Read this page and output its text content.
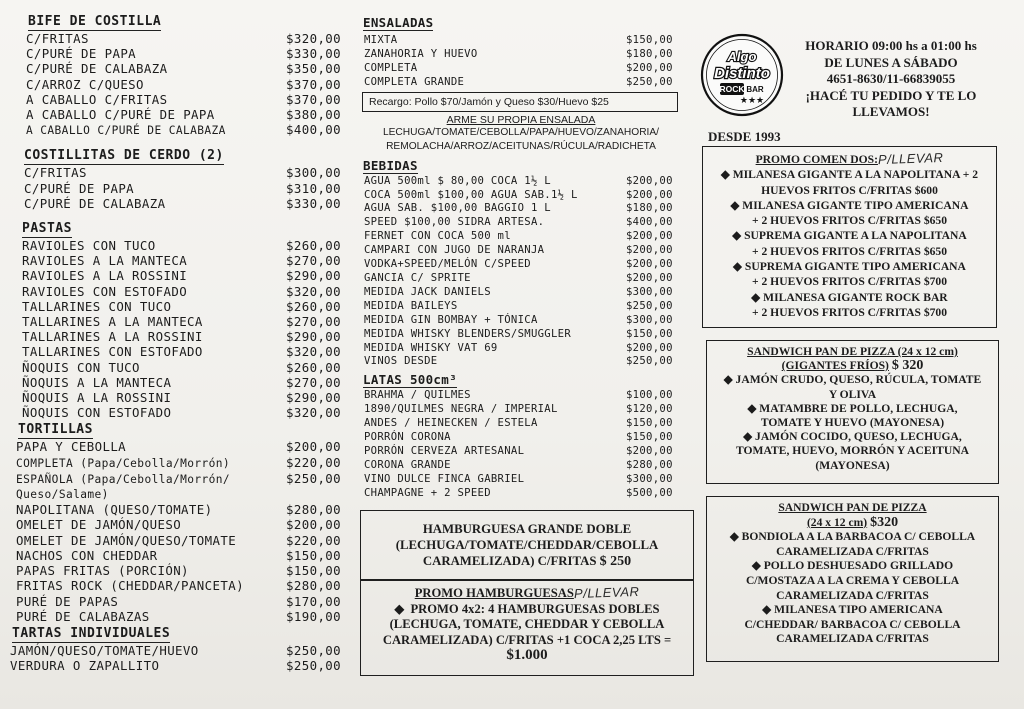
BIFE DE COSTILLA
C/FRITAS	$320,00
C/PURÉ DE PAPA	$330,00
C/PURÉ DE CALABAZA	$350,00
C/ARROZ C/QUESO	$370,00
A CABALLO C/FRITAS	$370,00
A CABALLO C/PURÉ DE PAPA	$380,00
A CABALLO C/PURÉ DE CALABAZA	$400,00
COSTILLITAS DE CERDO (2)
C/FRITAS	$300,00
C/PURÉ DE PAPA	$310,00
C/PURÉ DE CALABAZA	$330,00
PASTAS
RAVIOLES CON TUCO	$260,00
RAVIOLES A LA MANTECA	$270,00
RAVIOLES A LA ROSSINI	$290,00
RAVIOLES CON ESTOFADO	$320,00
TALLARINES CON TUCO	$260,00
TALLARINES A LA MANTECA	$270,00
TALLARINES A LA ROSSINI	$290,00
TALLARINES CON ESTOFADO	$320,00
ÑOQUIS CON TUCO	$260,00
ÑOQUIS A LA MANTECA	$270,00
ÑOQUIS A LA ROSSINI	$290,00
ÑOQUIS CON ESTOFADO	$320,00
TORTILLAS
PAPA Y CEBOLLA	$200,00
COMPLETA (Papa/Cebolla/Morrón)	$220,00
ESPAÑOLA (Papa/Cebolla/Morrón/	$250,00
Queso/Salame)
NAPOLITANA (QUESO/TOMATE)	$280,00
OMELET DE JAMÓN/QUESO	$200,00
OMELET DE JAMÓN/QUESO/TOMATE	$220,00
NACHOS CON CHEDDAR	$150,00
PAPAS FRITAS (PORCIÓN)	$150,00
FRITAS ROCK (CHEDDAR/PANCETA)	$280,00
PURÉ DE PAPAS	$170,00
PURÉ DE CALABAZAS	$190,00
TARTAS INDIVIDUALES
JAMÓN/QUESO/TOMATE/HUEVO	$250,00
VERDURA O ZAPALLITO	$250,00
ENSALADAS
MIXTA	$150,00
ZANAHORIA Y HUEVO	$180,00
COMPLETA	$200,00
COMPLETA GRANDE	$250,00
Recargo: Pollo $70/Jamón y Queso $30/Huevo $25
ARME SU PROPIA ENSALADA
LECHUGA/TOMATE/CEBOLLA/PAPA/HUEVO/ZANAHORIA/
REMOLACHA/ARROZ/ACEITUNAS/RÚCULA/RADICHETA
BEBIDAS
AGUA 500ml $ 80,00 COCA 1½ L	$200,00
COCA 500ml $100,00 AGUA SAB.1½ L	$200,00
AGUA SAB. $100,00 BAGGIO 1 L	$180,00
SPEED $100,00 SIDRA ARTESA.	$400,00
FERNET CON COCA 500 ml	$200,00
CAMPARI CON JUGO DE NARANJA	$200,00
VODKA+SPEED/MELÓN C/SPEED	$200,00
GANCIA C/ SPRITE	$200,00
MEDIDA JACK DANIELS	$300,00
MEDIDA BAILEYS	$250,00
MEDIDA GIN BOMBAY + TÓNICA	$300,00
MEDIDA WHISKY BLENDERS/SMUGGLER	$150,00
MEDIDA WHISKY VAT 69	$200,00
VINOS DESDE	$250,00
LATAS 500cm³
BRAHMA / QUILMES	$100,00
1890/QUILMES NEGRA / IMPERIAL	$120,00
ANDES / HEINECKEN / ESTELA	$150,00
PORRÓN CORONA	$150,00
PORRÓN CERVEZA ARTESANAL	$200,00
CORONA GRANDE	$280,00
VINO DULCE FINCA GABRIEL	$300,00
CHAMPAGNE + 2 SPEED	$500,00
HAMBURGUESA GRANDE DOBLE
(LECHUGA/TOMATE/CHEDDAR/CEBOLLA
CARAMELIZADA) C/FRITAS $ 250
PROMO HAMBURGUESASP/LLEVAR
◆ PROMO 4x2: 4 HAMBURGUESAS DOBLES
(LECHUGA, TOMATE, CHEDDAR Y CEBOLLA
CARAMELIZADA) C/FRITAS +1 COCA 2,25 LTS =
$1.000
Algo
Distinto
ROCK BAR
★★★
HORARIO 09:00 hs a 01:00 hs
DE LUNES A SÁBADO
4651-8630/11-66839055
¡HACÉ TU PEDIDO Y TE LO
LLEVAMOS!
DESDE 1993
PROMO COMEN DOS:P/LLEVAR
◆ MILANESA GIGANTE A LA NAPOLITANA + 2
HUEVOS FRITOS C/FRITAS $600
◆ MILANESA GIGANTE TIPO AMERICANA
+ 2 HUEVOS FRITOS C/FRITAS $650
◆ SUPREMA GIGANTE A LA NAPOLITANA
+ 2 HUEVOS FRITOS C/FRITAS $650
◆ SUPREMA GIGANTE TIPO AMERICANA
+ 2 HUEVOS FRITOS C/FRITAS $700
◆ MILANESA GIGANTE ROCK BAR
+ 2 HUEVOS FRITOS C/FRITAS $700
SANDWICH PAN DE PIZZA (24 x 12 cm)
(GIGANTES FRÍOS) $ 320
◆ JAMÓN CRUDO, QUESO, RÚCULA, TOMATE
Y OLIVA
◆ MATAMBRE DE POLLO, LECHUGA,
TOMATE Y HUEVO (MAYONESA)
◆ JAMÓN COCIDO, QUESO, LECHUGA,
TOMATE, HUEVO, MORRÓN Y ACEITUNA
(MAYONESA)
SANDWICH PAN DE PIZZA
(24 x 12 cm) $320
◆ BONDIOLA A LA BARBACOA C/ CEBOLLA
CARAMELIZADA C/FRITAS
◆ POLLO DESHUESADO GRILLADO
C/MOSTAZA A LA CREMA Y CEBOLLA
CARAMELIZADA C/FRITAS
◆ MILANESA TIPO AMERICANA
C/CHEDDAR/ BARBACOA C/ CEBOLLA
CARAMELIZADA C/FRITAS
